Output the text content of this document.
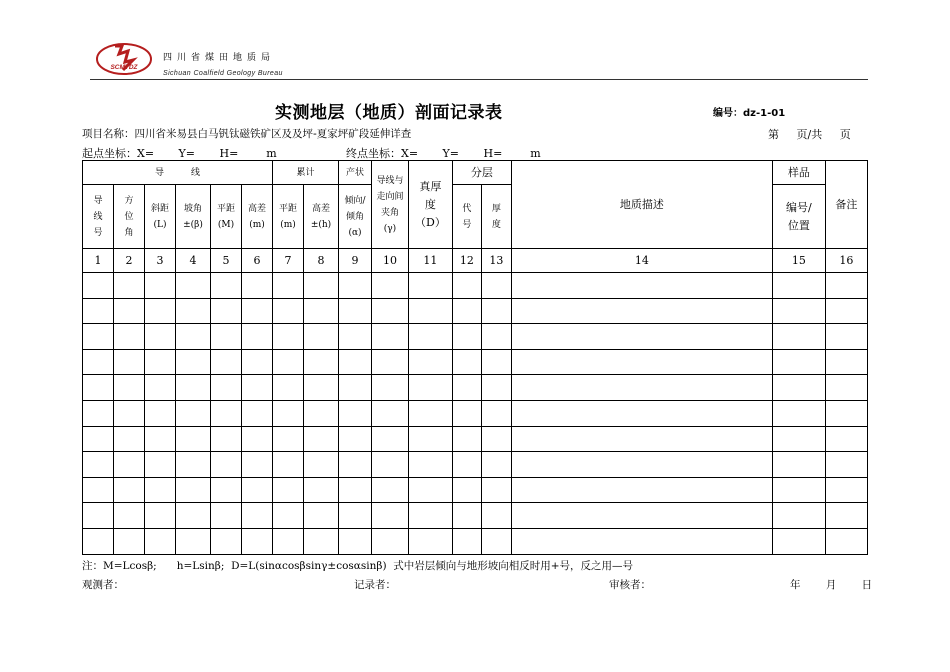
SCMTDZ
四川省煤田地质局
Sichuan Coalfield Geology Bureau
实测地层（地质）剖面记录表	编号：dz-1-01
项目名称：四川省米易县白马钒钛磁铁矿区及及坪-夏家坪矿段延伸详查	第 页/共 页
起点坐标：X=       Y=       H=        m	终点坐标：X=       Y=       H=        m
导　　　线						累计		产状	导线与走向间夹角(γ)	真厚度（D）	分层		地质描述	样品	备注
导线号	方位角	斜距(L)	坡角±(β)	平距(M)	高差(m)	平距(m)	高差±(h)	倾向/倾角(α)			代号	厚度		编号/位置	
1	2	3	4	5	6	7	8	9	10	11	12	13	14	15	16

注：M=Lcosβ;      h=Lsinβ;  D=L(sinαcosβsinγ±cosαsinβ)  式中岩层倾向与地形坡向相反时用+号，反之用—号
观测者：	记录者：	审核者：	年 月 日
